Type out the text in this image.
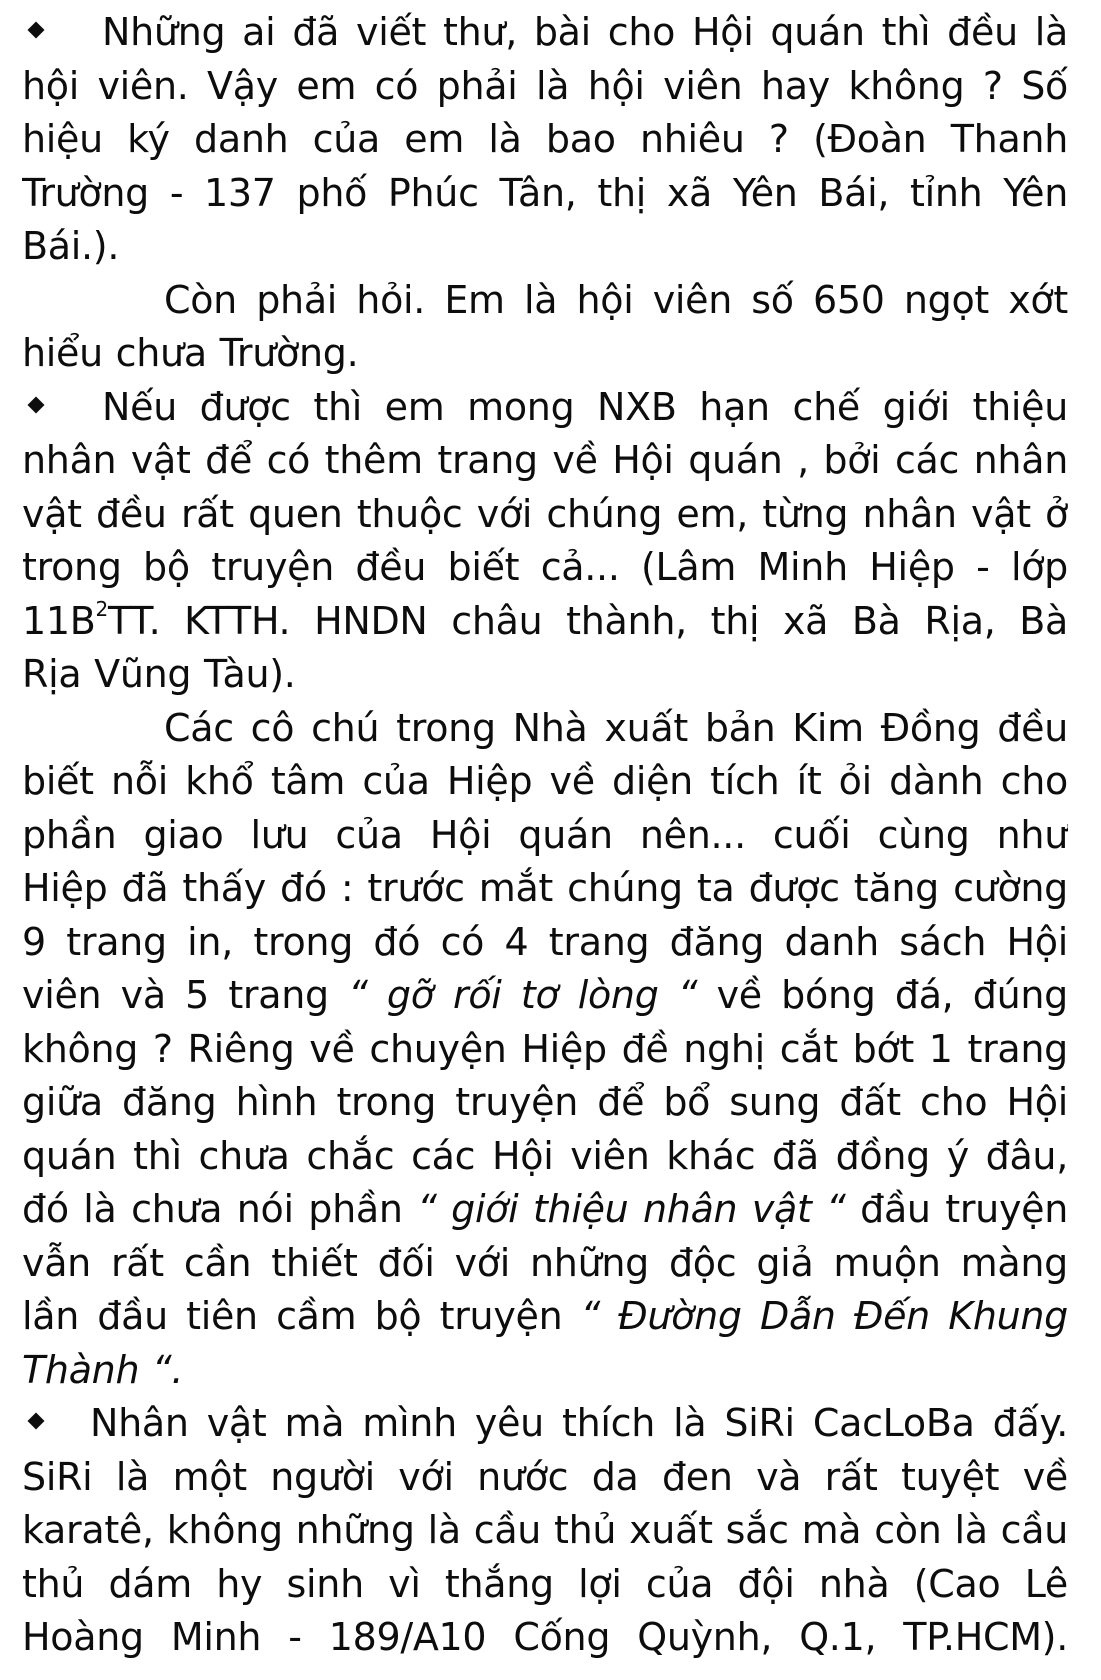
Những ai đã viết thư, bài cho Hội quán thì đều là
hội viên. Vậy em có phải là hội viên hay không ? Số
hiệu ký danh của em là bao nhiêu ? (Đoàn Thanh
Trường - 137 phố Phúc Tân, thị xã Yên Bái, tỉnh Yên
Bái.).
Còn phải hỏi. Em là hội viên số 650 ngọt xớt
hiểu chưa Trường.
Nếu được thì em mong NXB hạn chế giới thiệu
nhân vật để có thêm trang về Hội quán , bởi các nhân
vật đều rất quen thuộc với chúng em, từng nhân vật ở
trong bộ truyện đều biết cả... (Lâm Minh Hiệp - lớp
$11B^2TT$. KTTH. HNDN châu thành, thị xã Bà Rịa, Bà
Rịa Vũng Tàu).
Các cô chú trong Nhà xuất bản Kim Đồng đều
biết nỗi khổ tâm của Hiệp về diện tích ít ỏi dành cho
phần giao lưu của Hội quán nên... cuối cùng như
Hiệp đã thấy đó : trước mắt chúng ta được tăng cường
9 trang in, trong đó có 4 trang đăng danh sách Hội
viên và 5 trang “ gỡ rối tơ lòng “ về bóng đá, đúng
không ? Riêng về chuyện Hiệp đề nghị cắt bớt 1 trang
giữa đăng hình trong truyện để bổ sung đất cho Hội
quán thì chưa chắc các Hội viên khác đã đồng ý đâu,
đó là chưa nói phần “ giới thiệu nhân vật “ đầu truyện
vẫn rất cần thiết đối với những độc giả muộn màng
lần đầu tiên cầm bộ truyện “ Đường Dẫn Đến Khung
Thành “.
Nhân vật mà mình yêu thích là SiRi CacLoBa đấy.
SiRi là một người với nước da đen và rất tuyệt về
karatê, không những là cầu thủ xuất sắc mà còn là cầu
thủ dám hy sinh vì thắng lợi của đội nhà (Cao Lê
Hoàng Minh - 189/A10 Cống Quỳnh, Q.1, TP.HCM).
